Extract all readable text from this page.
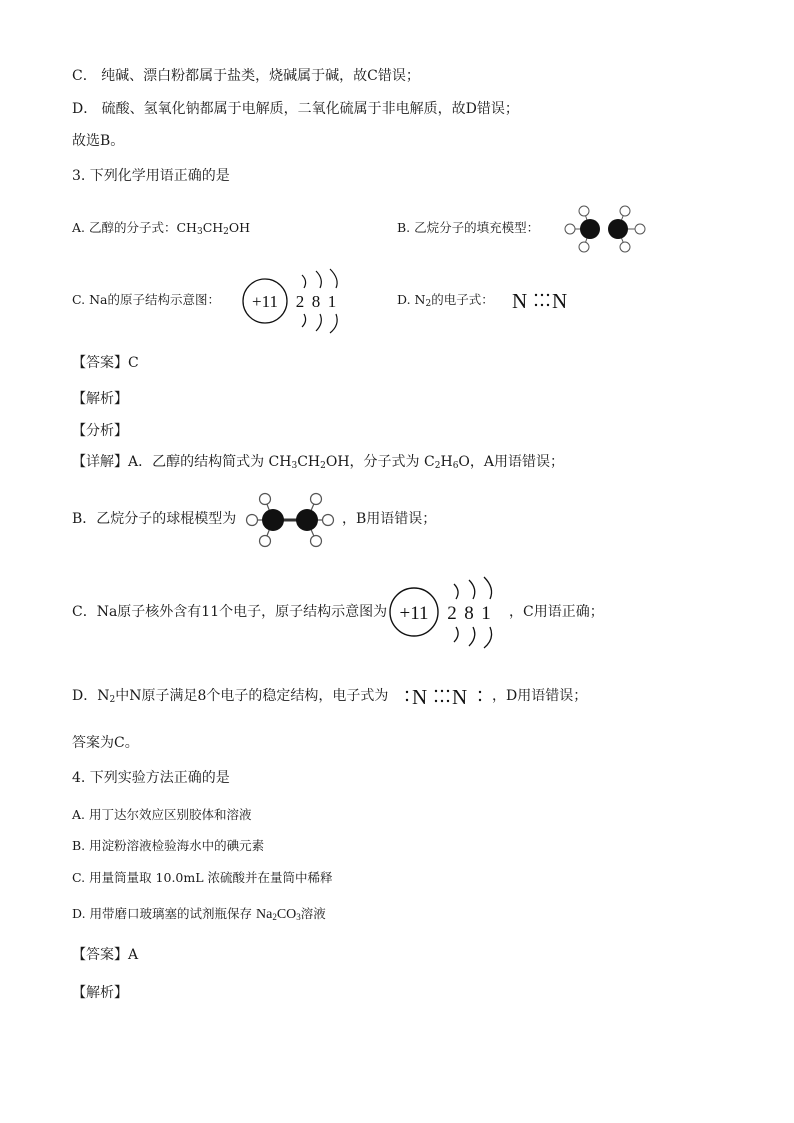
C． 纯碱、漂白粉都属于盐类，烧碱属于碱，故C错误；
D． 硫酸、氢氧化钠都属于电解质，二氧化硫属于非电解质，故D错误；
故选B。
3. 下列化学用语正确的是
A. 乙醇的分子式：$CH_3CH_2OH$	B. 乙烷分子的填充模型：
C. Na的原子结构示意图： +11 2 8 1	D. $N_2$的电子式： N N
【答案】C
【解析】
【分析】
【详解】A．乙醇的结构简式为 $CH_3CH_2OH$，分子式为 $C_2H_6O$，A用语错误；
B．乙烷分子的球棍模型为	，B用语错误；
C．Na原子核外含有11个电子，原子结构示意图为 +11 2 8 1 ，C用语正确；
D．$N_2$中N原子满足8个电子的稳定结构，电子式为 N N ，D用语错误；
答案为C。
4. 下列实验方法正确的是
A. 用丁达尔效应区别胶体和溶液
B. 用淀粉溶液检验海水中的碘元素
C. 用量筒量取 10.0mL 浓硫酸并在量筒中稀释
D. 用带磨口玻璃塞的试剂瓶保存 $Na_2CO_3$溶液
【答案】A
【解析】
